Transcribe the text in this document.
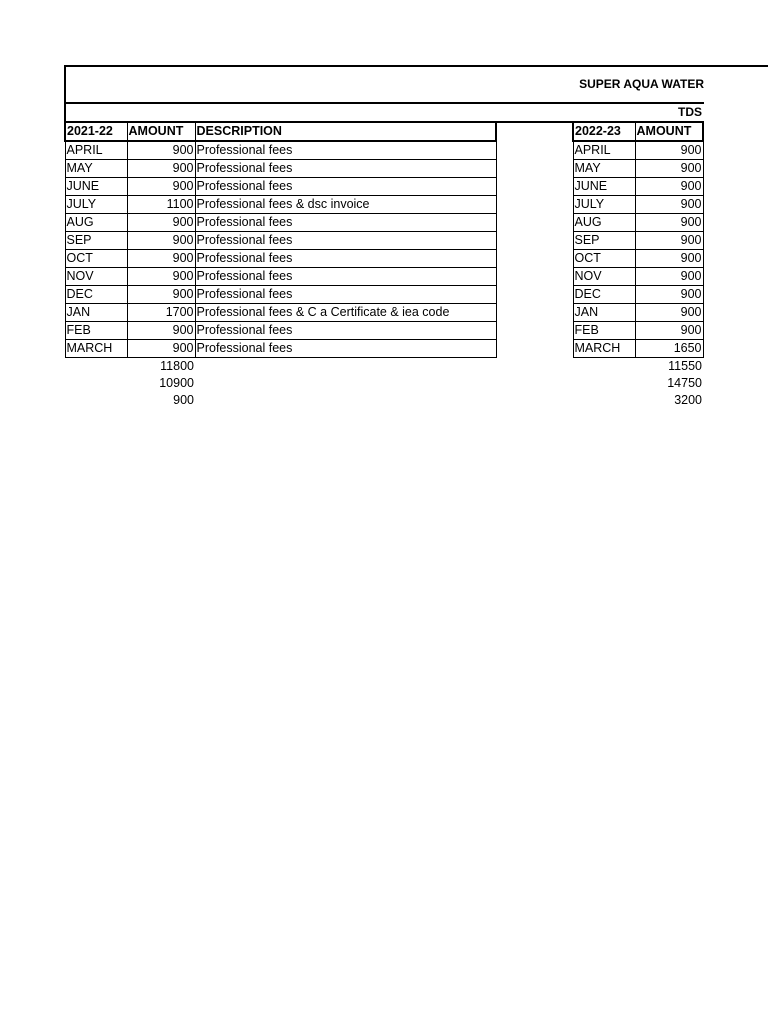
SUPER AQUA WATER
TDS
2021-22	AMOUNT	DESCRIPTION
APRIL	900	Professional fees
MAY	900	Professional fees
JUNE	900	Professional fees
JULY	1100	Professional fees & dsc invoice
AUG	900	Professional fees
SEP	900	Professional fees
OCT	900	Professional fees
NOV	900	Professional fees
DEC	900	Professional fees
JAN	1700	Professional fees & C a Certificate & iea code
FEB	900	Professional fees
MARCH	900	Professional fees
	11800	
	10900	
	900	
2022-23	AMOUNT
APRIL	900
MAY	900
JUNE	900
JULY	900
AUG	900
SEP	900
OCT	900
NOV	900
DEC	900
JAN	900
FEB	900
MARCH	1650
	11550
	14750
	3200
